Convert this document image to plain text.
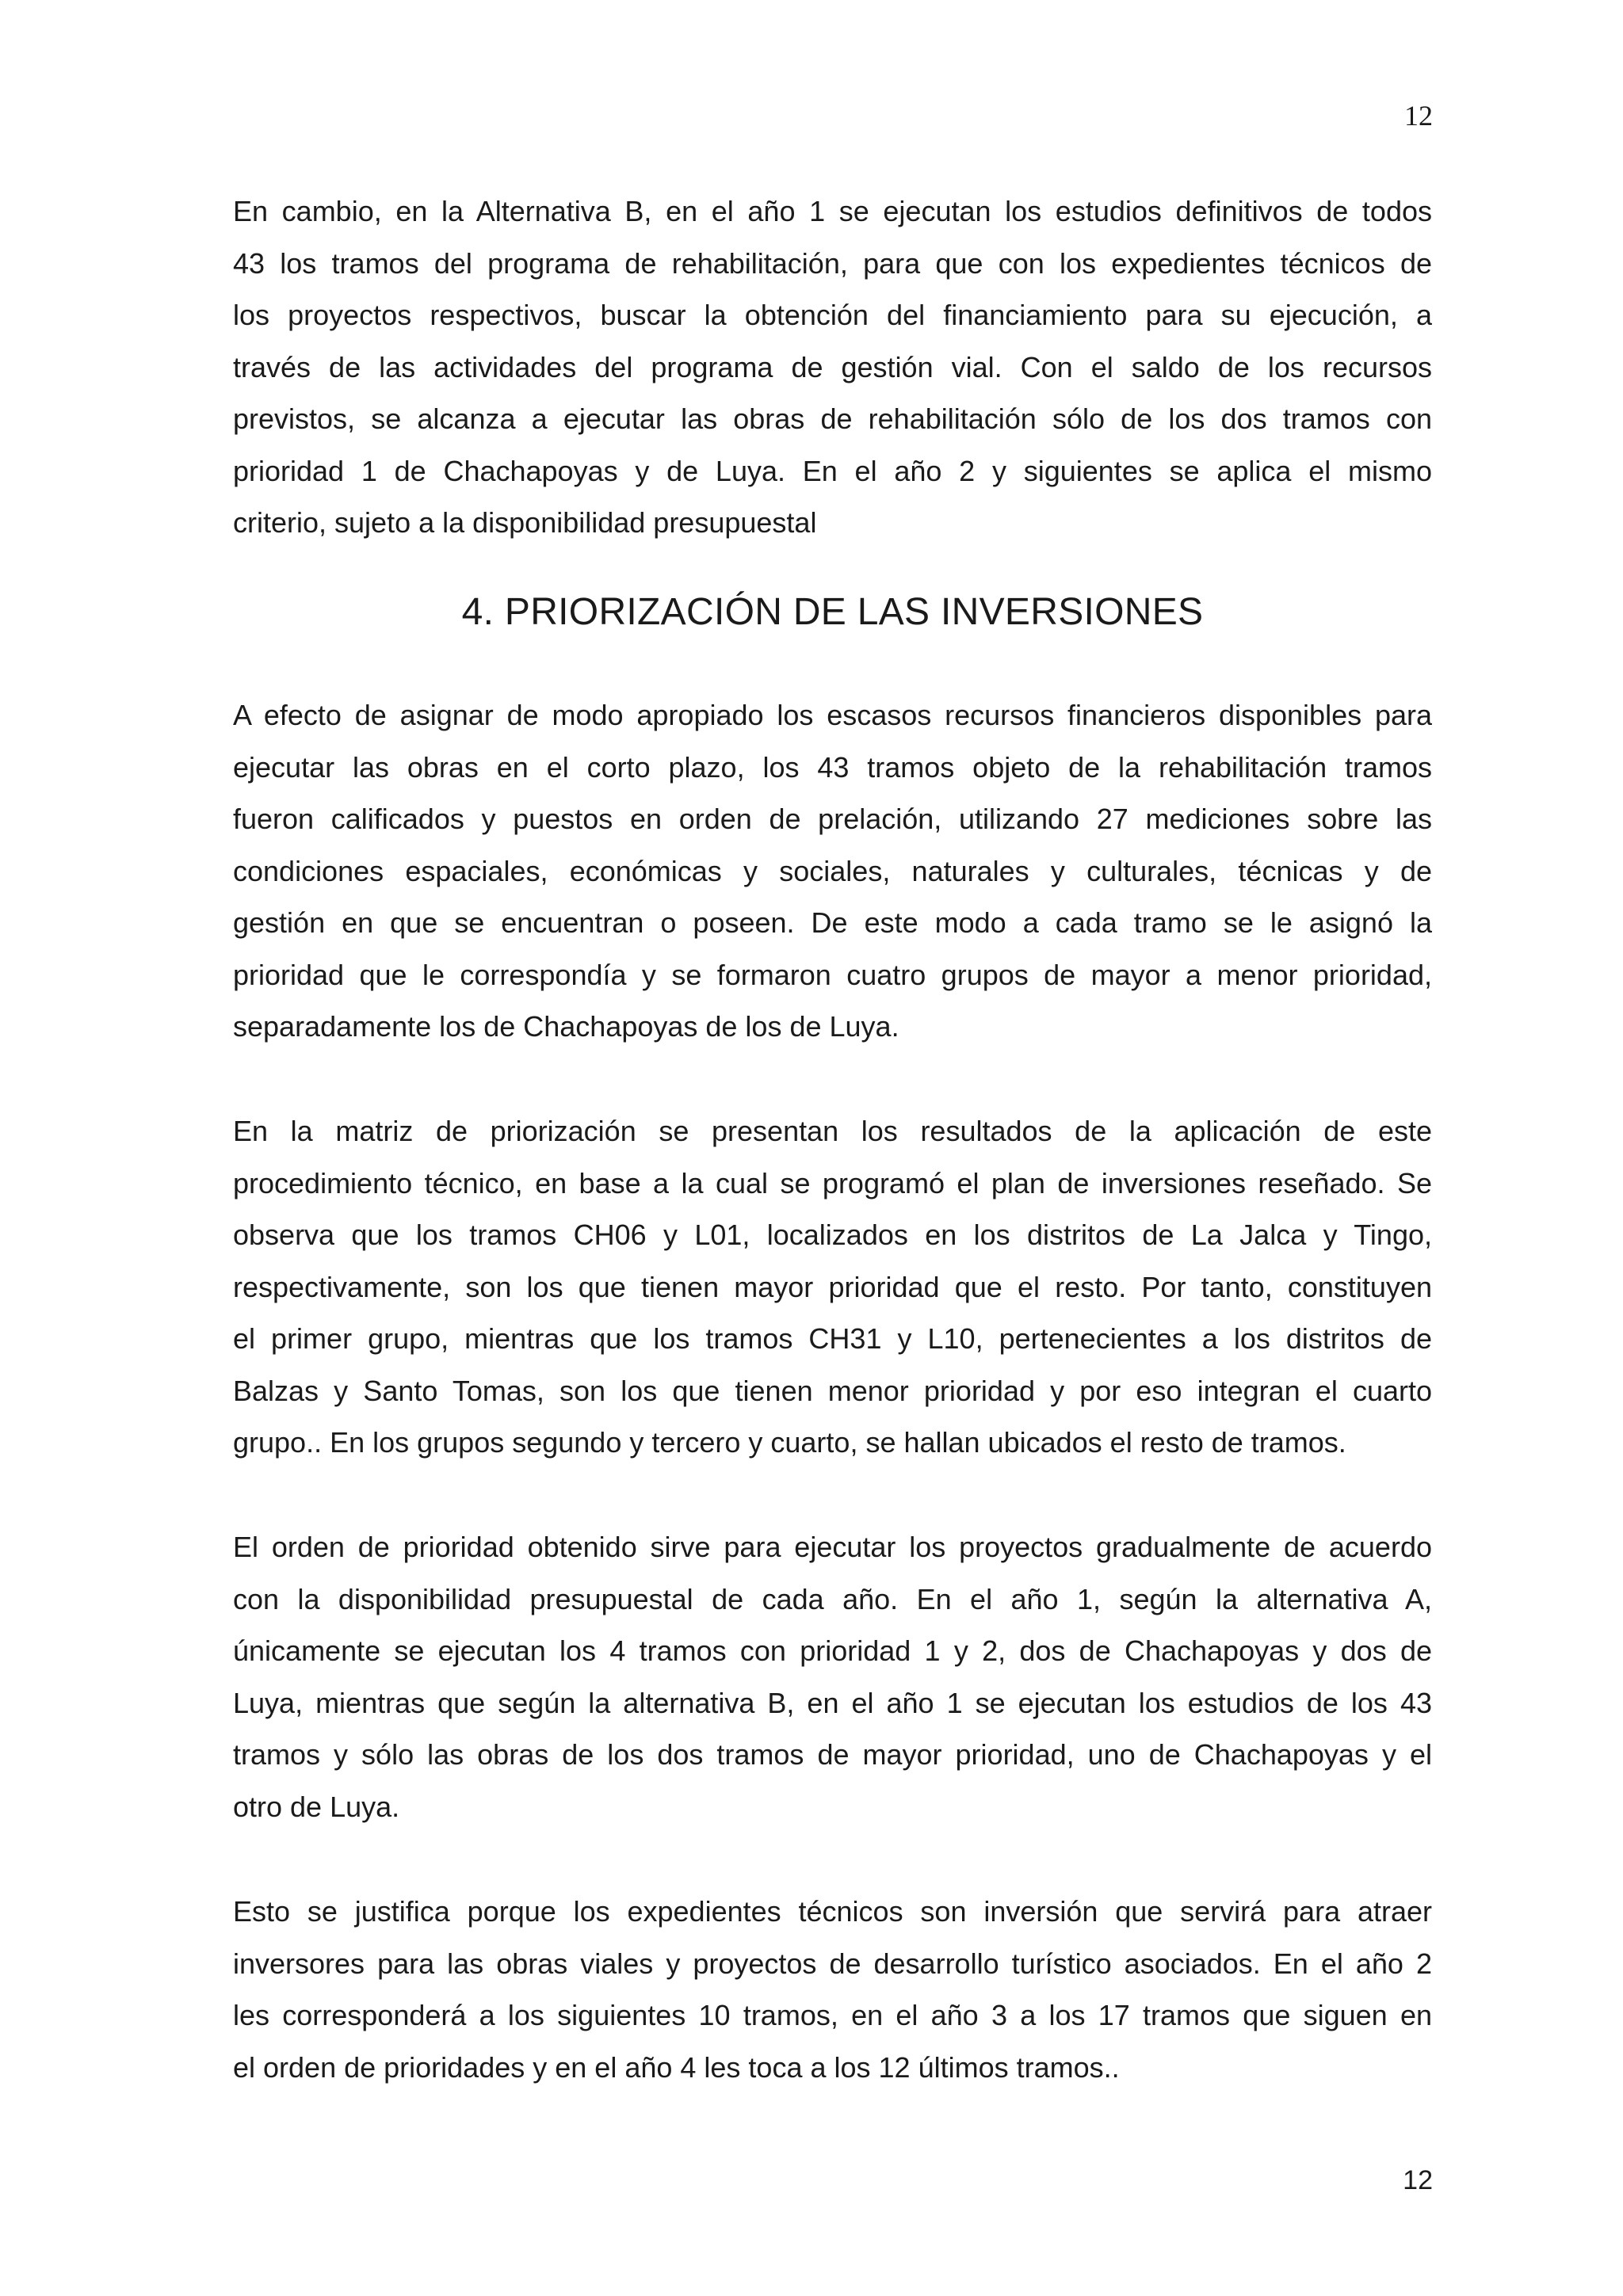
12
En cambio, en la Alternativa B, en el año 1 se ejecutan los estudios definitivos de todos
43 los tramos del programa de rehabilitación, para que con los expedientes técnicos de
los proyectos respectivos, buscar la obtención del financiamiento para su ejecución, a
través de las actividades del programa de gestión vial. Con el saldo de los recursos
previstos, se alcanza a ejecutar las obras de rehabilitación sólo de los dos tramos con
prioridad 1 de Chachapoyas y de Luya. En el año 2 y siguientes se aplica el mismo
criterio, sujeto a la disponibilidad presupuestal
4. PRIORIZACIÓN DE LAS INVERSIONES
A efecto de asignar de modo apropiado los escasos recursos financieros disponibles para
ejecutar las obras en el corto plazo, los 43 tramos objeto de la rehabilitación tramos
fueron calificados y puestos en orden de prelación, utilizando 27 mediciones sobre las
condiciones espaciales, económicas y sociales, naturales y culturales, técnicas y de
gestión en que se encuentran o poseen. De este modo a cada tramo se le asignó la
prioridad que le correspondía y se formaron cuatro grupos de mayor a menor prioridad,
separadamente los de Chachapoyas de los de Luya.
En la matriz de priorización se presentan los resultados de la aplicación de este
procedimiento técnico, en base a la cual se programó el plan de inversiones reseñado. Se
observa que los tramos CH06 y L01, localizados en los distritos de La Jalca y Tingo,
respectivamente, son los que tienen mayor prioridad que el resto. Por tanto, constituyen
el primer grupo, mientras que los tramos CH31 y L10, pertenecientes a los distritos de
Balzas y Santo Tomas, son los que tienen menor prioridad y por eso integran el cuarto
grupo.. En los grupos segundo y tercero y cuarto, se hallan ubicados el resto de tramos.
El orden de prioridad obtenido sirve para ejecutar los proyectos gradualmente de acuerdo
con la disponibilidad presupuestal de cada año. En el año 1, según la alternativa A,
únicamente se ejecutan los 4 tramos con prioridad 1 y 2, dos de Chachapoyas y dos de
Luya, mientras que según la alternativa B, en el año 1 se ejecutan los estudios de los 43
tramos y sólo las obras de los dos tramos de mayor prioridad, uno de Chachapoyas y el
otro de Luya.
Esto se justifica porque los expedientes técnicos son inversión que servirá para atraer
inversores para las obras viales y proyectos de desarrollo turístico asociados. En el año 2
les corresponderá a los siguientes 10 tramos, en el año 3 a los 17 tramos que siguen en
el orden de prioridades y en el año 4 les toca a los 12 últimos tramos..
12
